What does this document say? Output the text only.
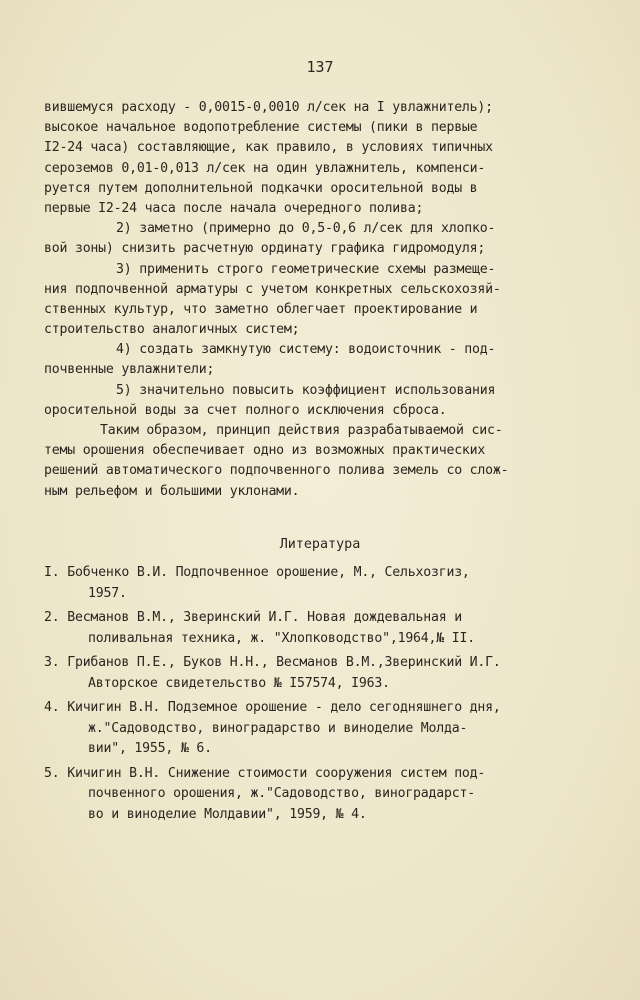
137
вившемуся расходу - 0,0015-0,0010 л/сек на I увлажнитель);
высокое начальное водопотребление системы (пики в первые
I2-24 часа) составляющие, как правило, в условиях типичных
сероземов 0,01-0,013 л/сек на один увлажнитель, компенси-
руется путем дополнительной подкачки оросительной воды в
первые I2-24 часа после начала очередного полива;
2) заметно (примерно до 0,5-0,6 л/сек для хлопко-
вой зоны) снизить расчетную ординату графика гидромодуля;
3) применить строго геометрические схемы размеще-
ния подпочвенной арматуры с учетом конкретных сельскохозяй-
ственных культур, что заметно облегчает проектирование и
строительство аналогичных систем;
4) создать замкнутую систему: водоисточник - под-
почвенные увлажнители;
5) значительно повысить коэффициент использования
оросительной воды за счет полного исключения сброса.
Таким образом, принцип действия разрабатываемой сис-
темы орошения обеспечивает одно из возможных практических
решений автоматического подпочвенного полива земель со слож-
ным рельефом и большими уклонами.
Литература
I. Бобченко В.И. Подпочвенное орошение, М., Сельхозгиз,
1957.
2. Весманов В.М., Зверинский И.Г. Новая дождевальная и
поливальная техника, ж. "Хлопководство",1964,№ II.
3. Грибанов П.Е., Буков Н.Н., Весманов В.М.,Зверинский И.Г.
Авторское свидетельство № I57574, I963.
4. Кичигин В.Н. Подземное орошение - дело сегодняшнего дня,
ж."Садоводство, виноградарство и виноделие Молда-
вии", 1955, № 6.
5. Кичигин В.Н. Снижение стоимости сооружения систем под-
почвенного орошения, ж."Садоводство, виноградарст-
во и виноделие Молдавии", 1959, № 4.
